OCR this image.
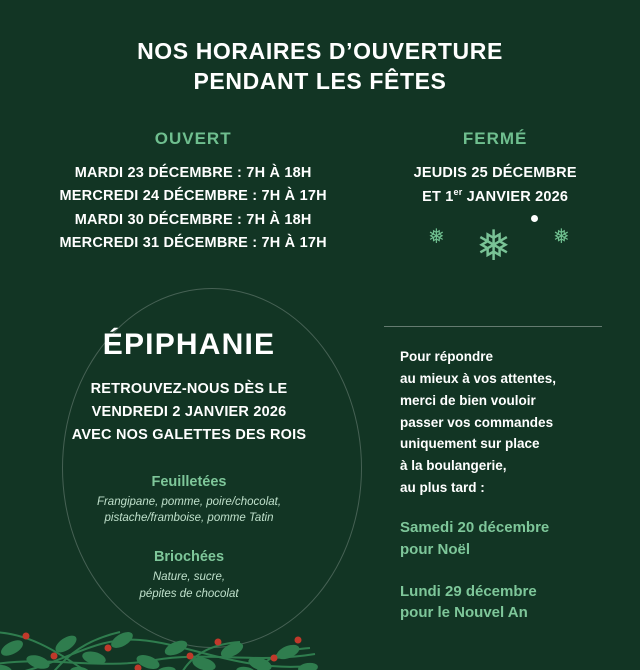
NOS HORAIRES D’OUVERTURE
PENDANT LES FÊTES
OUVERT
MARDI 23 DÉCEMBRE : 7H À 18H
MERCREDI 24 DÉCEMBRE : 7H À 17H
MARDI 30 DÉCEMBRE : 7H À 18H
MERCREDI 31 DÉCEMBRE : 7H À 17H
FERMÉ
JEUDIS 25 DÉCEMBRE
ET 1er JANVIER 2026
❅
❅	❅
ÉPIPHANIE
RETROUVEZ-NOUS DÈS LE
VENDREDI 2 JANVIER 2026
AVEC NOS GALETTES DES ROIS
Feuilletées
Frangipane, pomme, poire/chocolat,
pistache/framboise, pomme Tatin
Briochées
Nature, sucre,
pépites de chocolat
Pour répondre
au mieux à vos attentes,
merci de bien vouloir
passer vos commandes
uniquement sur place
à la boulangerie,
au plus tard :
Samedi 20 décembre
pour Noël
Lundi 29 décembre
pour le Nouvel An
